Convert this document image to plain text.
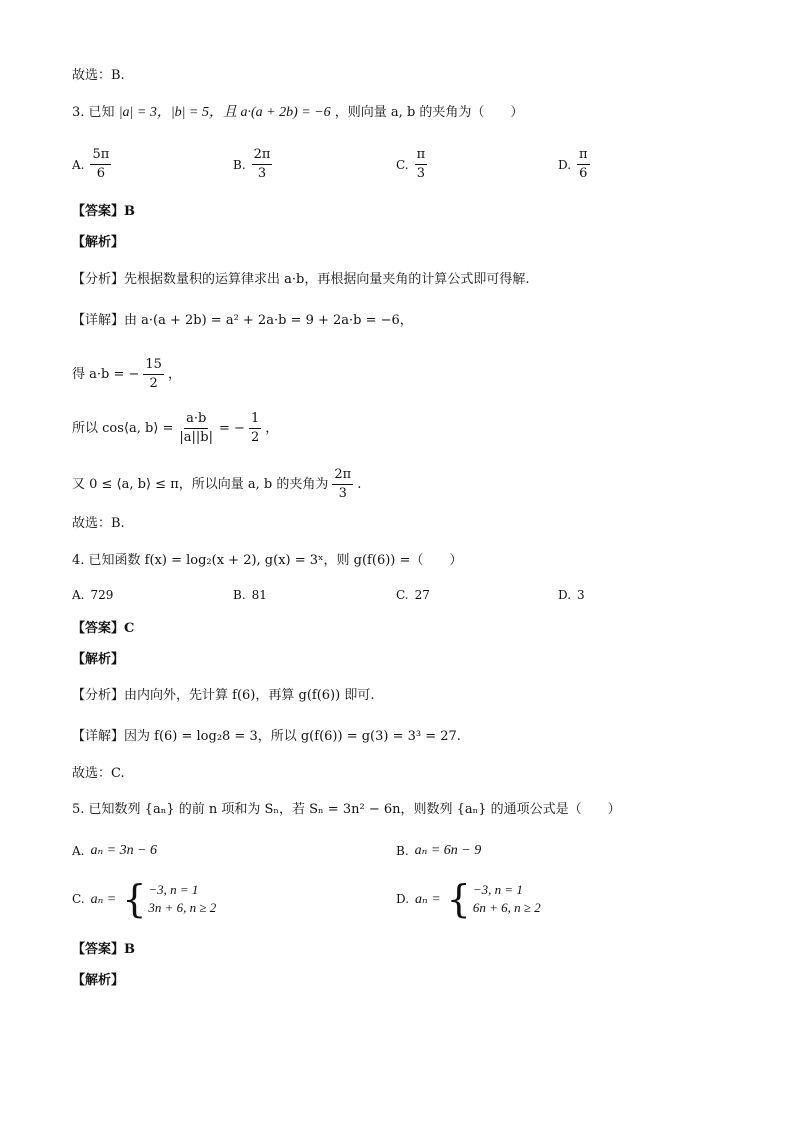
故选：B.
3. 已知 |a| = 3，|b| = 5，且 a·(a + 2b) = −6 ，则向量 a, b 的夹角为（　　）
A. $\frac{5\pi}{6}$	B. $\frac{2\pi}{3}$	C. $\frac{\pi}{3}$	D. $\frac{\pi}{6}$
【答案】B
【解析】
【分析】先根据数量积的运算律求出 a·b，再根据向量夹角的计算公式即可得解.
【详解】由 a·(a + 2b) = a² + 2a·b = 9 + 2a·b = −6，
得 a·b = − $\frac{15}{2}$ ，
所以 cos⟨a, b⟩ = $\frac{a\cdot b}{|a||b|}$ = − $\frac{1}{2}$ ，
又 0 ≤ ⟨a, b⟩ ≤ π，所以向量 a, b 的夹角为 $\frac{2\pi}{3}$ .
故选：B.
4. 已知函数 f(x) = log₂(x + 2), g(x) = 3ˣ，则 g(f(6)) =（　　）
A. 729	B. 81	C. 27	D. 3
【答案】C
【解析】
【分析】由内向外，先计算 f(6)，再算 g(f(6)) 即可.
【详解】因为 f(6) = log₂8 = 3，所以 g(f(6)) = g(3) = 3³ = 27.
故选：C.
5. 已知数列 {aₙ} 的前 n 项和为 Sₙ，若 Sₙ = 3n² − 6n，则数列 {aₙ} 的通项公式是（　　）
A. aₙ = 3n − 6	B. aₙ = 6n − 9
C. aₙ = { −3, n = 1
3n + 6, n ≥ 2
D. aₙ = { −3, n = 1
6n + 6, n ≥ 2
【答案】B
【解析】
